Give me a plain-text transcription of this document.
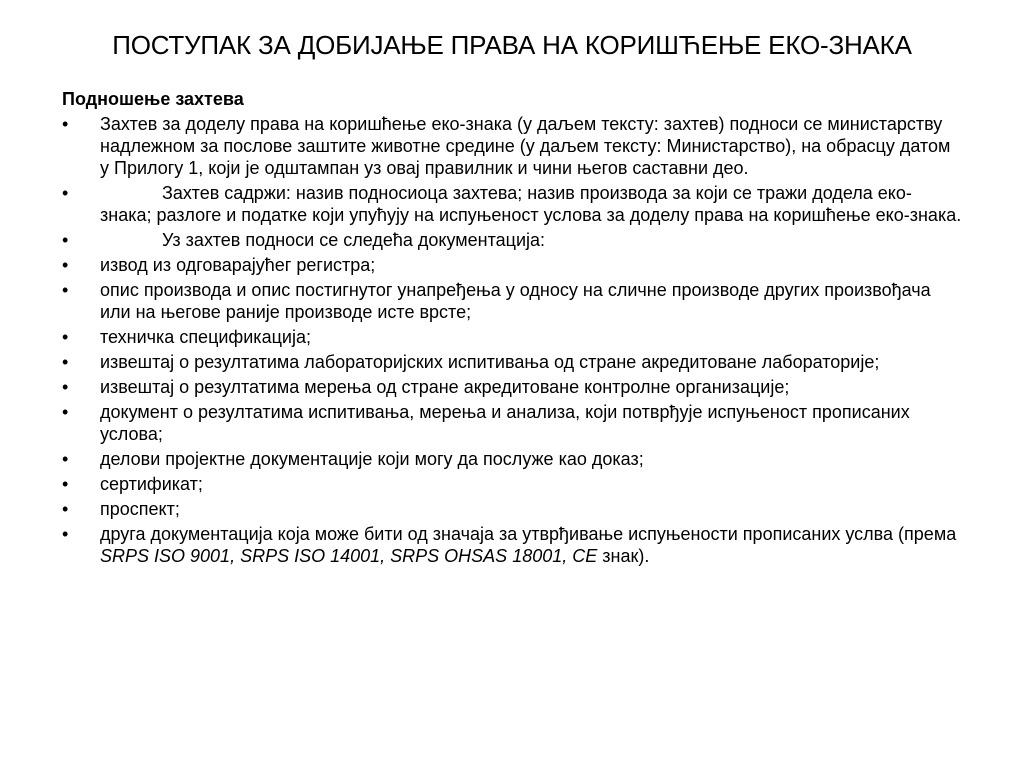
ПОСТУПАК ЗА ДОБИЈАЊЕ ПРАВА НА КОРИШЋЕЊЕ ЕКО-ЗНАКА
Подношење захтева
•	Захтев за доделу права на коришћење еко-знака (у даљем тексту: захтев) подноси се министарству надлежном за послове заштите животне средине (у даљем тексту: Министарство), на обрасцу датом у Прилогу 1, који је одштампан уз овај правилник и чини његов саставни део.
•	Захтев садржи: назив подносиоца захтева; назив производа за који се тражи додела еко-знака; разлоге и податке који упућују на испуњеност услова за доделу права на коришћење еко-знака.
•	Уз захтев подноси се следећа документација:
•	извод из одговарајућег регистра;
•	опис производа и опис постигнутог унапређења у односу на сличне производе других произвођача или на његове раније производе исте врсте;
•	техничка спецификација;
•	извештај о резултатима лабораторијских испитивања од стране акредитоване лабораторије;
•	извештај о резултатима мерења од стране акредитоване контролне организације;
•	документ о резултатима испитивања, мерења и анализа, који потврђује испуњеност прописаних услова;
•	делови пројектне документације који могу да послуже као доказ;
•	сертификат;
•	проспект;
•	друга документација која може бити од значаја за утврђивање испуњености прописаних услва (према SRPS ISO 9001, SRPS ISO 14001, SRPS OHSAS 18001, CE знак).
